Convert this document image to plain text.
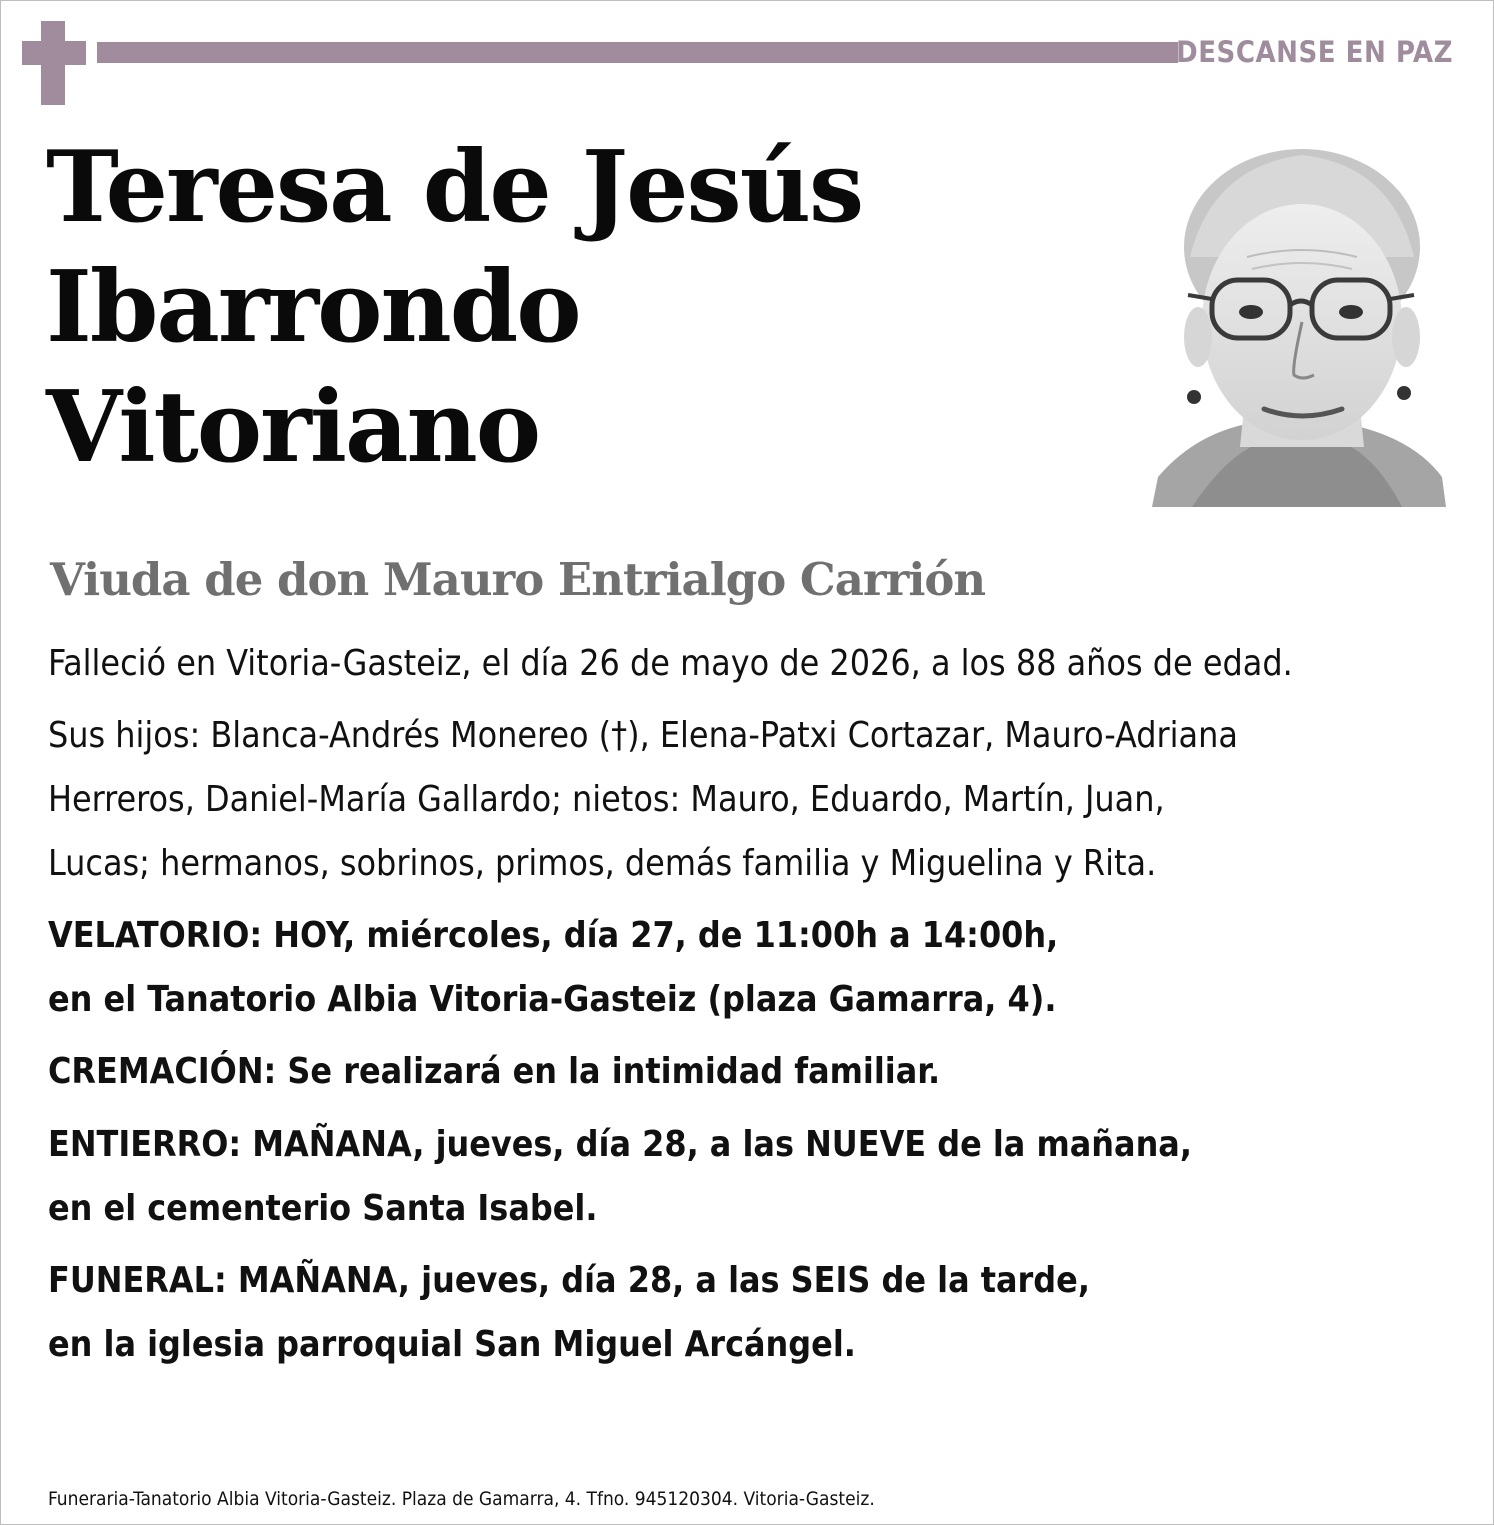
DESCANSE EN PAZ
Teresa de Jesús
Ibarrondo
Vitoriano
Viuda de don Mauro Entrialgo Carrión
Falleció en Vitoria-Gasteiz, el día 26 de mayo de 2026, a los 88 años de edad.
Sus hijos: Blanca-Andrés Monereo (†), Elena-Patxi Cortazar, Mauro-Adriana
Herreros, Daniel-María Gallardo; nietos: Mauro, Eduardo, Martín, Juan,
Lucas; hermanos, sobrinos, primos, demás familia y Miguelina y Rita.
VELATORIO: HOY, miércoles, día 27, de 11:00h a 14:00h,
en el Tanatorio Albia Vitoria-Gasteiz (plaza Gamarra, 4).
CREMACIÓN: Se realizará en la intimidad familiar.
ENTIERRO: MAÑANA, jueves, día 28, a las NUEVE de la mañana,
en el cementerio Santa Isabel.
FUNERAL: MAÑANA, jueves, día 28, a las SEIS de la tarde,
en la iglesia parroquial San Miguel Arcángel.
Funeraria-Tanatorio Albia Vitoria-Gasteiz. Plaza de Gamarra, 4. Tfno. 945120304. Vitoria-Gasteiz.
